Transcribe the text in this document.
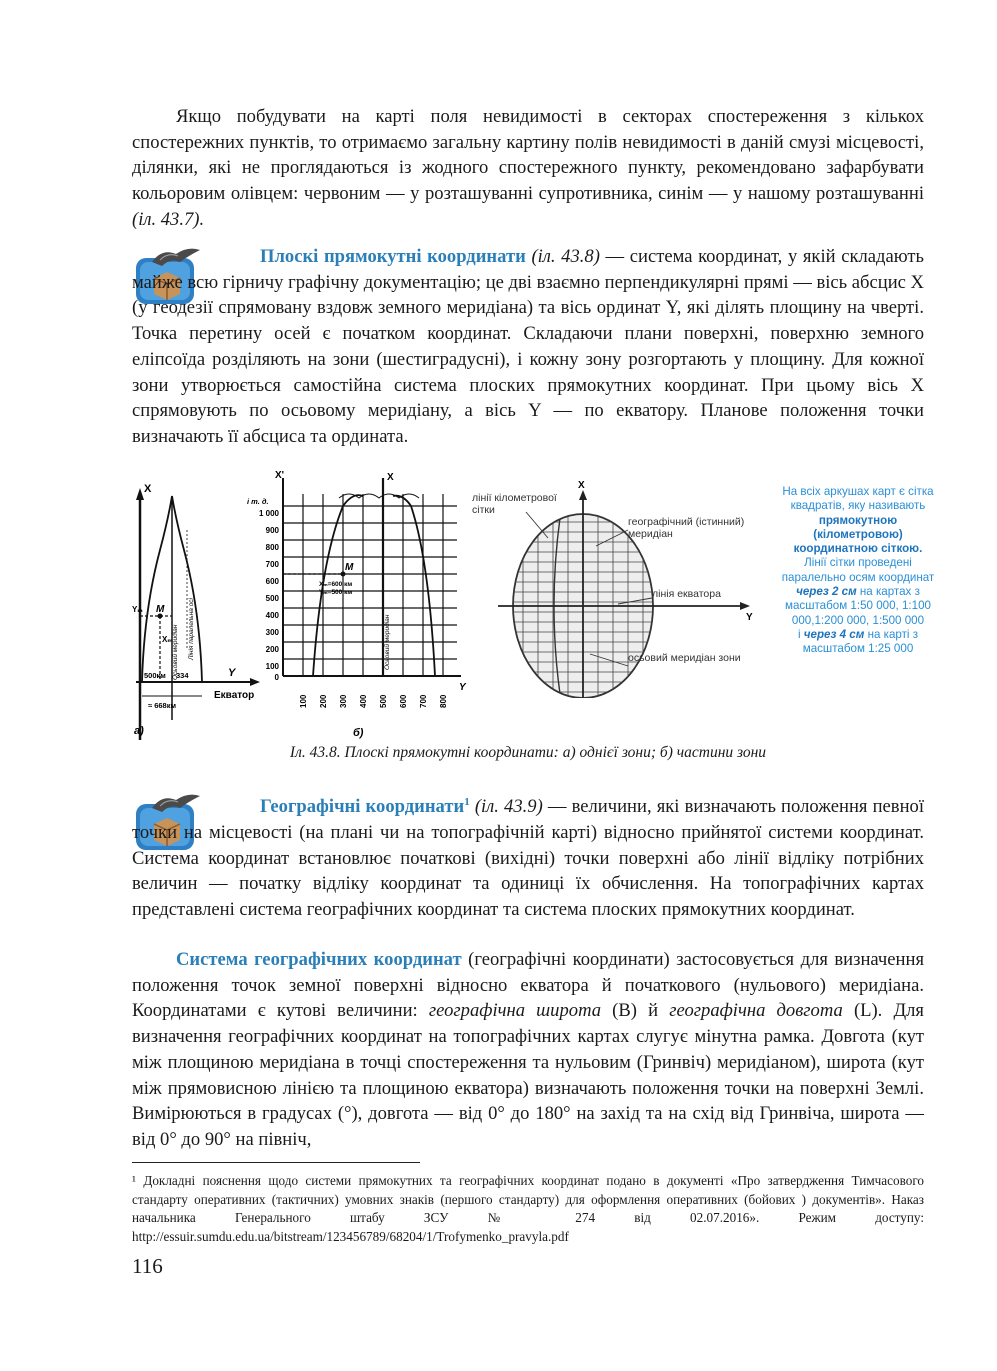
Якщо побудувати на карті поля невидимості в секторах спостереження з кількох спостережних пунктів, то отримаємо загальну картину полів невидимості в даній смузі місцевості, ділянки, які не проглядаються із жодного спостережного пункту, рекомендовано зафарбувати кольоровим олівцем: червоним — у розташуванні супротивника, синім — у нашому розташуванні (іл. 43.7).

Плоскі прямокутні координати (іл. 43.8) — система координат, у якій складають майже всю гірничу графічну документацію; це дві взаємно перпендикулярні прямі — вісь абсцис X (у геодезії спрямовану вздовж земного меридіана) та вісь ординат Y, які ділять площину на чверті. Точка перетину осей є початком координат. Складаючи плани поверхні, поверхню земного еліпсоїда розділяють на зони (шестиградусні), і кожну зону розгортають у площину. Для кожної зони утворюється самостійна система плоских прямокутних координат. При цьому вісь X спрямовують по осьовому меридіану, а вісь Y — по екватору. Планове положення точки визначають її абсциса та ордината.

а)
X
Y
M
Yₘ
Xₘ
Екватор
500км 334
≈ 668км
Осьовий меридіан Лінія паралельна осі
і т. д.
X'	X
1 000
900
800
700
600
500
400
300
200
100
0
100 200 300 400 500 600 700 800
Y
M
Xₘ=600 км
Yₘ=500 км
Осьовий меридіан
б)
X
Y
лінії кілометрової сітки
географічний (істинний) меридіан
лінія екватора
осьовий меридіан зони
На всіх аркушах карт є сітка квадратів, яку називають
прямокутною (кілометровою) координатною сіткою.
Лінії сітки проведені паралельно осям координат
через 2 см на картах з масштабом 1:50 000, 1:100 000,1:200 000, 1:500 000
і через 4 см на карті з масштабом 1:25 000
Іл. 43.8. Плоскі прямокутні координати: а) однієї зони; б) частини зони

Географічні координати$^1$ (іл. 43.9) — величини, які визначають положення певної точки на місцевості (на плані чи на топографічній карті) відносно прийнятої системи координат. Система координат встановлює початкові (вихідні) точки поверхні або лінії відліку потрібних величин — початку відліку координат та одиниці їх обчислення. На топографічних картах представлені система географічних координат та система плоских прямокутних координат.

Система географічних координат (географічні координати) застосовується для визначення положення точок земної поверхні відносно екватора й початкового (нульового) меридіана. Координатами є кутові величини: географічна широта (B) й географічна довгота (L). Для визначення географічних координат на топографічних картах слугує мінутна рамка. Довгота (кут між площиною меридіана в точці спостереження та нульовим (Гринвіч) меридіаном), широта (кут між прямовисною лінією та площиною екватора) визначають положення точки на поверхні Землі. Вимірюються в градусах (°), довгота — від 0° до 180° на захід та на схід від Гринвіча, широта — від 0° до 90° на північ,

¹ Докладні пояснення щодо системи прямокутних та географічних координат подано в документі «Про затвердження Тимчасового стандарту оперативних (тактичних) умовних знаків (першого стандарту) для оформлення оперативних (бойових ) документів». Наказ начальника Генерального штабу ЗСУ № 274 від 02.07.2016». Режим доступу: http://essuir.sumdu.edu.ua/bitstream/123456789/68204/1/Trofymenko_pravyla.pdf
116
